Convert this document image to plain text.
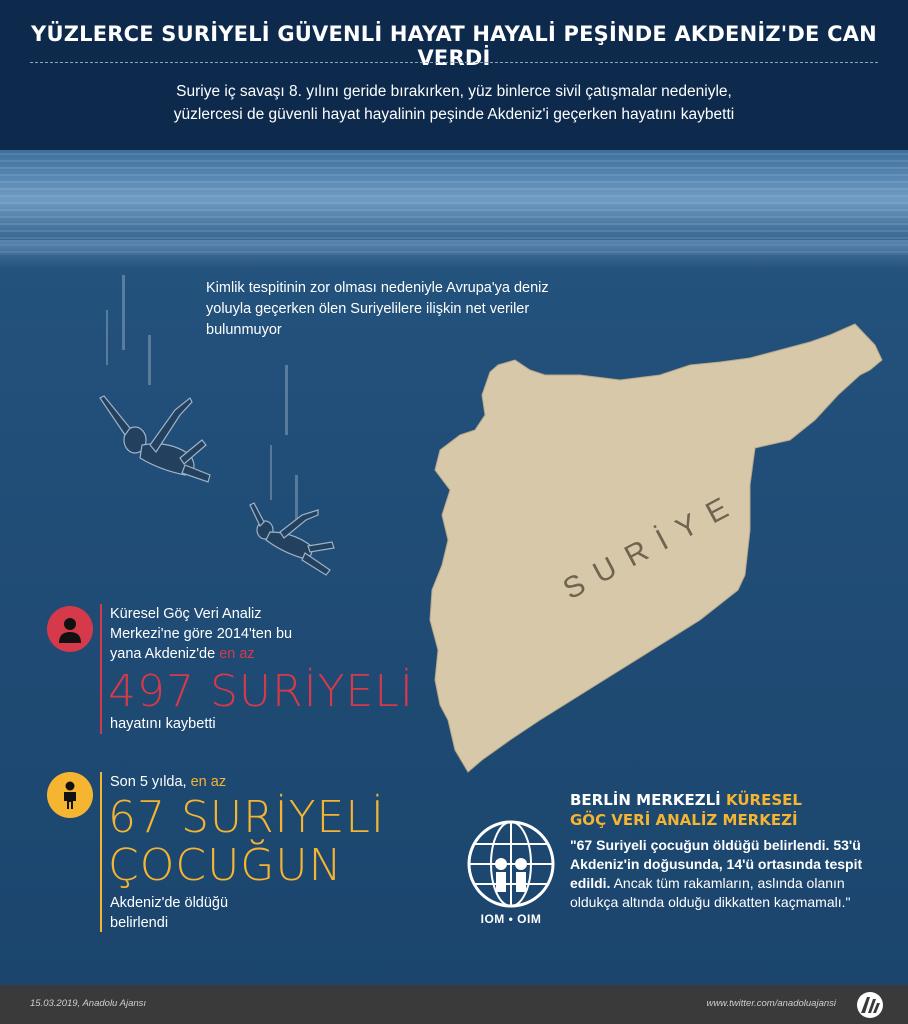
YÜZLERCE SURİYELİ GÜVENLİ HAYAT HAYALİ PEŞİNDE AKDENİZ'DE CAN VERDİ
Suriye iç savaşı 8. yılını geride bırakırken, yüz binlerce sivil çatışmalar nedeniyle, yüzlercesi de güvenli hayat hayalinin peşinde Akdeniz'i geçerken hayatını kaybetti
Kimlik tespitinin zor olması nedeniyle Avrupa'ya deniz yoluyla geçerken ölen Suriyelilere ilişkin net veriler bulunmuyor
SURİYE
Küresel Göç Veri Analiz
Merkezi'ne göre 2014'ten bu
yana Akdeniz'de en az
497 SURİYELİ
hayatını kaybetti
Son 5 yılda, en az
67 SURİYELİ
ÇOCUĞUN
Akdeniz'de öldüğü
belirlendi
BERLİN MERKEZLİ KÜRESEL
GÖÇ VERİ ANALİZ MERKEZİ
IOM • OIM
"67 Suriyeli çocuğun öldüğü belirlendi. 53'ü Akdeniz'in doğusunda, 14'ü ortasında tespit edildi. Ancak tüm rakamların, aslında olanın oldukça altında olduğu dikkatten kaçmamalı."
15.03.2019, Anadolu Ajansı	www.twitter.com/anadoluajansi
